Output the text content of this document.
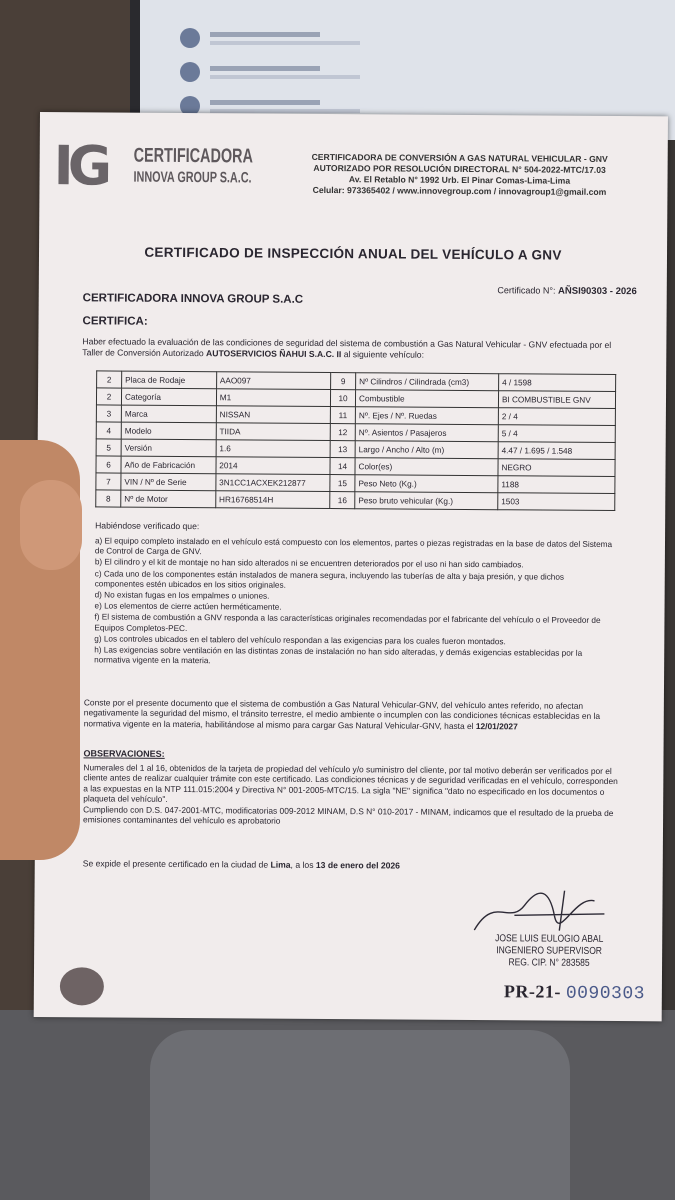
IG CERTIFICADORA
INNOVA GROUP S.A.C.
CERTIFICADORA DE CONVERSIÓN A GAS NATURAL VEHICULAR - GNV
AUTORIZADO POR RESOLUCIÓN DIRECTORAL N° 504-2022-MTC/17.03
Av. El Retablo N° 1992 Urb. El Pinar Comas-Lima-Lima
Celular: 973365402 / www.innovegroup.com / innovagroup1@gmail.com
CERTIFICADO DE INSPECCIÓN ANUAL DEL VEHÍCULO A GNV
Certificado N°: AÑSI90303 - 2026
CERTIFICADORA INNOVA GROUP S.A.C
CERTIFICA:
Haber efectuado la evaluación de las condiciones de seguridad del sistema de combustión a Gas Natural Vehicular - GNV efectuada por el Taller de Conversión Autorizado AUTOSERVICIOS ÑAHUI S.A.C. II al siguiente vehículo:
2	Placa de Rodaje	AAO097	9	Nº Cilindros / Cilindrada (cm3)	4 / 1598
2	Categoría	M1	10	Combustible	BI COMBUSTIBLE GNV
3	Marca	NISSAN	11	Nº. Ejes / Nº. Ruedas	2 / 4
4	Modelo	TIIDA	12	Nº. Asientos / Pasajeros	5 / 4
5	Versión	1.6	13	Largo / Ancho / Alto (m)	4.47 / 1.695 / 1.548
6	Año de Fabricación	2014	14	Color(es)	NEGRO
7	VIN / Nº de Serie	3N1CC1ACXEK212877	15	Peso Neto (Kg.)	1188
8	Nº de Motor	HR16768514H	16	Peso bruto vehicular (Kg.)	1503
Habiéndose verificado que:

a) El equipo completo instalado en el vehículo está compuesto con los elementos, partes o piezas registradas en la base de datos del Sistema de Control de Carga de GNV.

b) El cilindro y el kit de montaje no han sido alterados ni se encuentren deteriorados por el uso ni han sido cambiados.

c) Cada uno de los componentes están instalados de manera segura, incluyendo las tuberías de alta y baja presión, y que dichos componentes estén ubicados en los sitios originales.

d) No existan fugas en los empalmes o uniones.

e) Los elementos de cierre actúen herméticamente.

f) El sistema de combustión a GNV responda a las características originales recomendadas por el fabricante del vehículo o el Proveedor de Equipos Completos-PEC.

g) Los controles ubicados en el tablero del vehículo respondan a las exigencias para los cuales fueron montados.

h) Las exigencias sobre ventilación en las distintas zonas de instalación no han sido alteradas, y demás exigencias establecidas por la normativa vigente en la materia.

Conste por el presente documento que el sistema de combustión a Gas Natural Vehicular-GNV, del vehículo antes referido, no afectan negativamente la seguridad del mismo, el tránsito terrestre, el medio ambiente o incumplen con las condiciones técnicas establecidas en la normativa vigente en la materia, habilitándose al mismo para cargar Gas Natural Vehicular-GNV, hasta el 12/01/2027
OBSERVACIONES:

Numerales del 1 al 16, obtenidos de la tarjeta de propiedad del vehículo y/o suministro del cliente, por tal motivo deberán ser verificados por el cliente antes de realizar cualquier trámite con este certificado. Las condiciones técnicas y de seguridad verificadas en el vehículo, corresponden a las expuestas en la NTP 111.015:2004 y Directiva N° 001-2005-MTC/15. La sigla "NE" significa "dato no especificado en los documentos o plaqueta del vehículo".

Cumpliendo con D.S. 047-2001-MTC, modificatorias 009-2012 MINAM, D.S N° 010-2017 - MINAM, indicamos que el resultado de la prueba de emisiones contaminantes del vehículo es aprobatorio

Se expide el presente certificado en la ciudad de Lima, a los 13 de enero del 2026
JOSE LUIS EULOGIO ABAL
INGENIERO SUPERVISOR
REG. CIP. N° 283585
PR-21- 0090303
